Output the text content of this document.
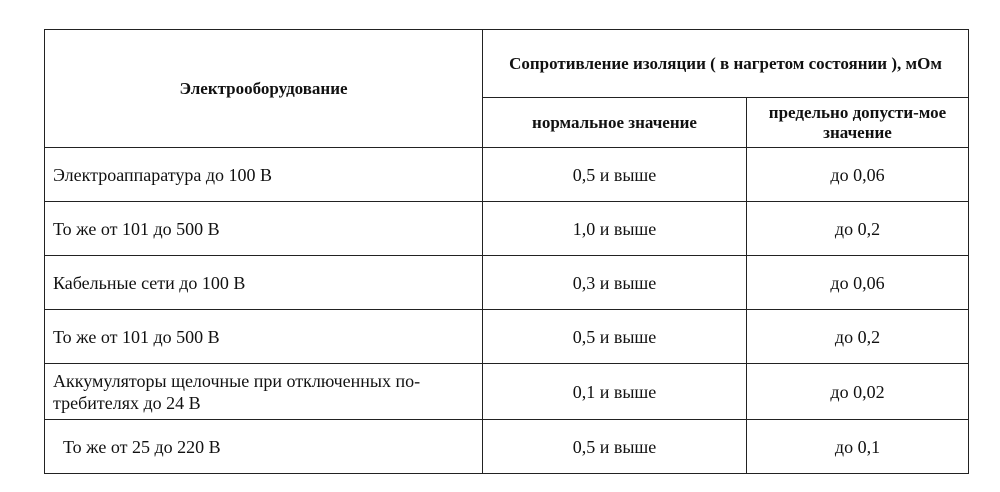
Электрооборудование	Сопротивление изоляции ( в нагретом состоянии ), мОм	
	нормальное значение	предельно допусти-мое значение
Электроаппаратура до 100 В	0,5 и выше	до 0,06
То же от 101 до 500 В	1,0 и выше	до 0,2
Кабельные сети до 100 В	0,3 и выше	до 0,06
То же от 101 до 500 В	0,5 и выше	до 0,2
Аккумуляторы щелочные при отключенных по-требителях до 24 В	0,1 и выше	до 0,02
То же от 25 до 220 В	0,5 и выше	до 0,1
